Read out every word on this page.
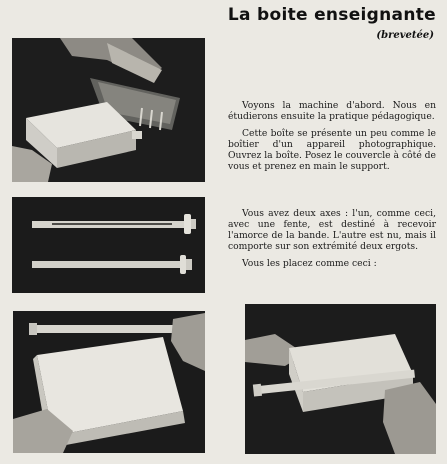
La boite enseignante
(brevetée)

Voyons la machine d'abord. Nous en étudierons ensuite la pratique pédagogique.

Cette boîte se présente un peu comme le boîtier d'un appareil photographique. Ouvrez la boîte. Posez le couvercle à côté de vous et prenez en main le support.

Vous avez deux axes : l'un, comme ceci, avec une fente, est destiné à recevoir l'amorce de la bande. L'autre est nu, mais il comporte sur son extrémité deux ergots.

Vous les placez comme ceci :
